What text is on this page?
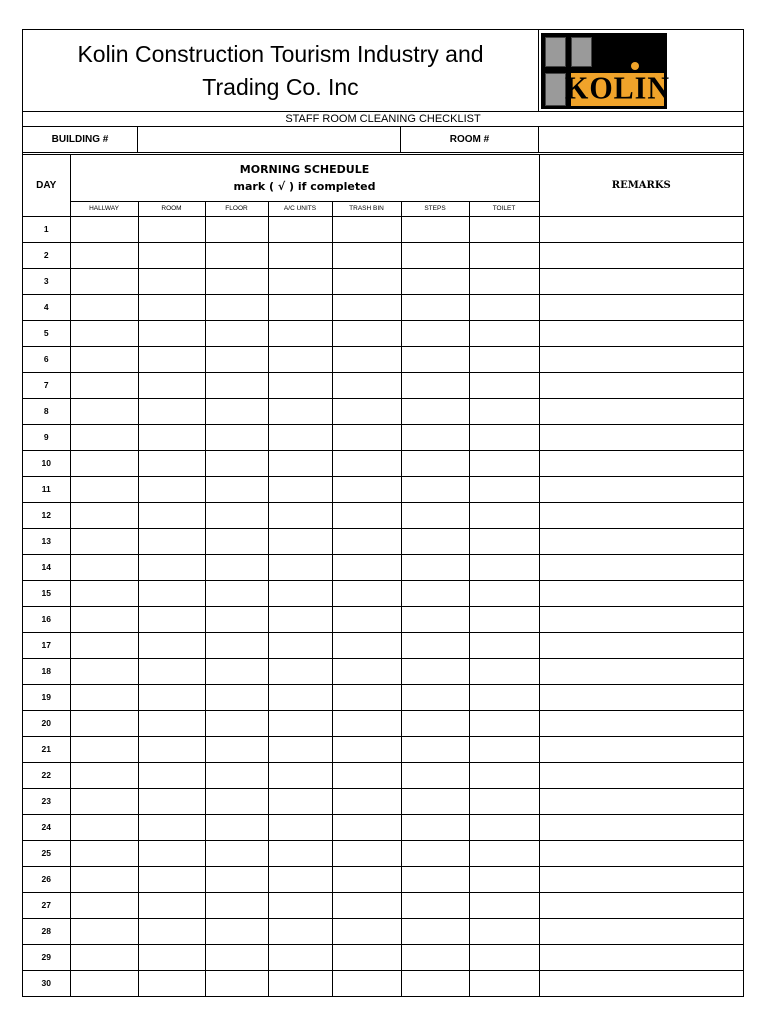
Kolin Construction Tourism Industry and Trading Co. Inc	KOLIN
STAFF ROOM CLEANING CHECKLIST
BUILDING #	ROOM #
DAY	MORNING SCHEDULE
mark ( √ ) if completed							REMARKS
	HALLWAY	ROOM	FLOOR	A/C UNITS	TRASH BIN	STEPS	TOILET	
1								
2								
3								
4								
5								
6								
7								
8								
9								
10								
11								
12								
13								
14								
15								
16								
17								
18								
19								
20								
21								
22								
23								
24								
25								
26								
27								
28								
29								
30								
